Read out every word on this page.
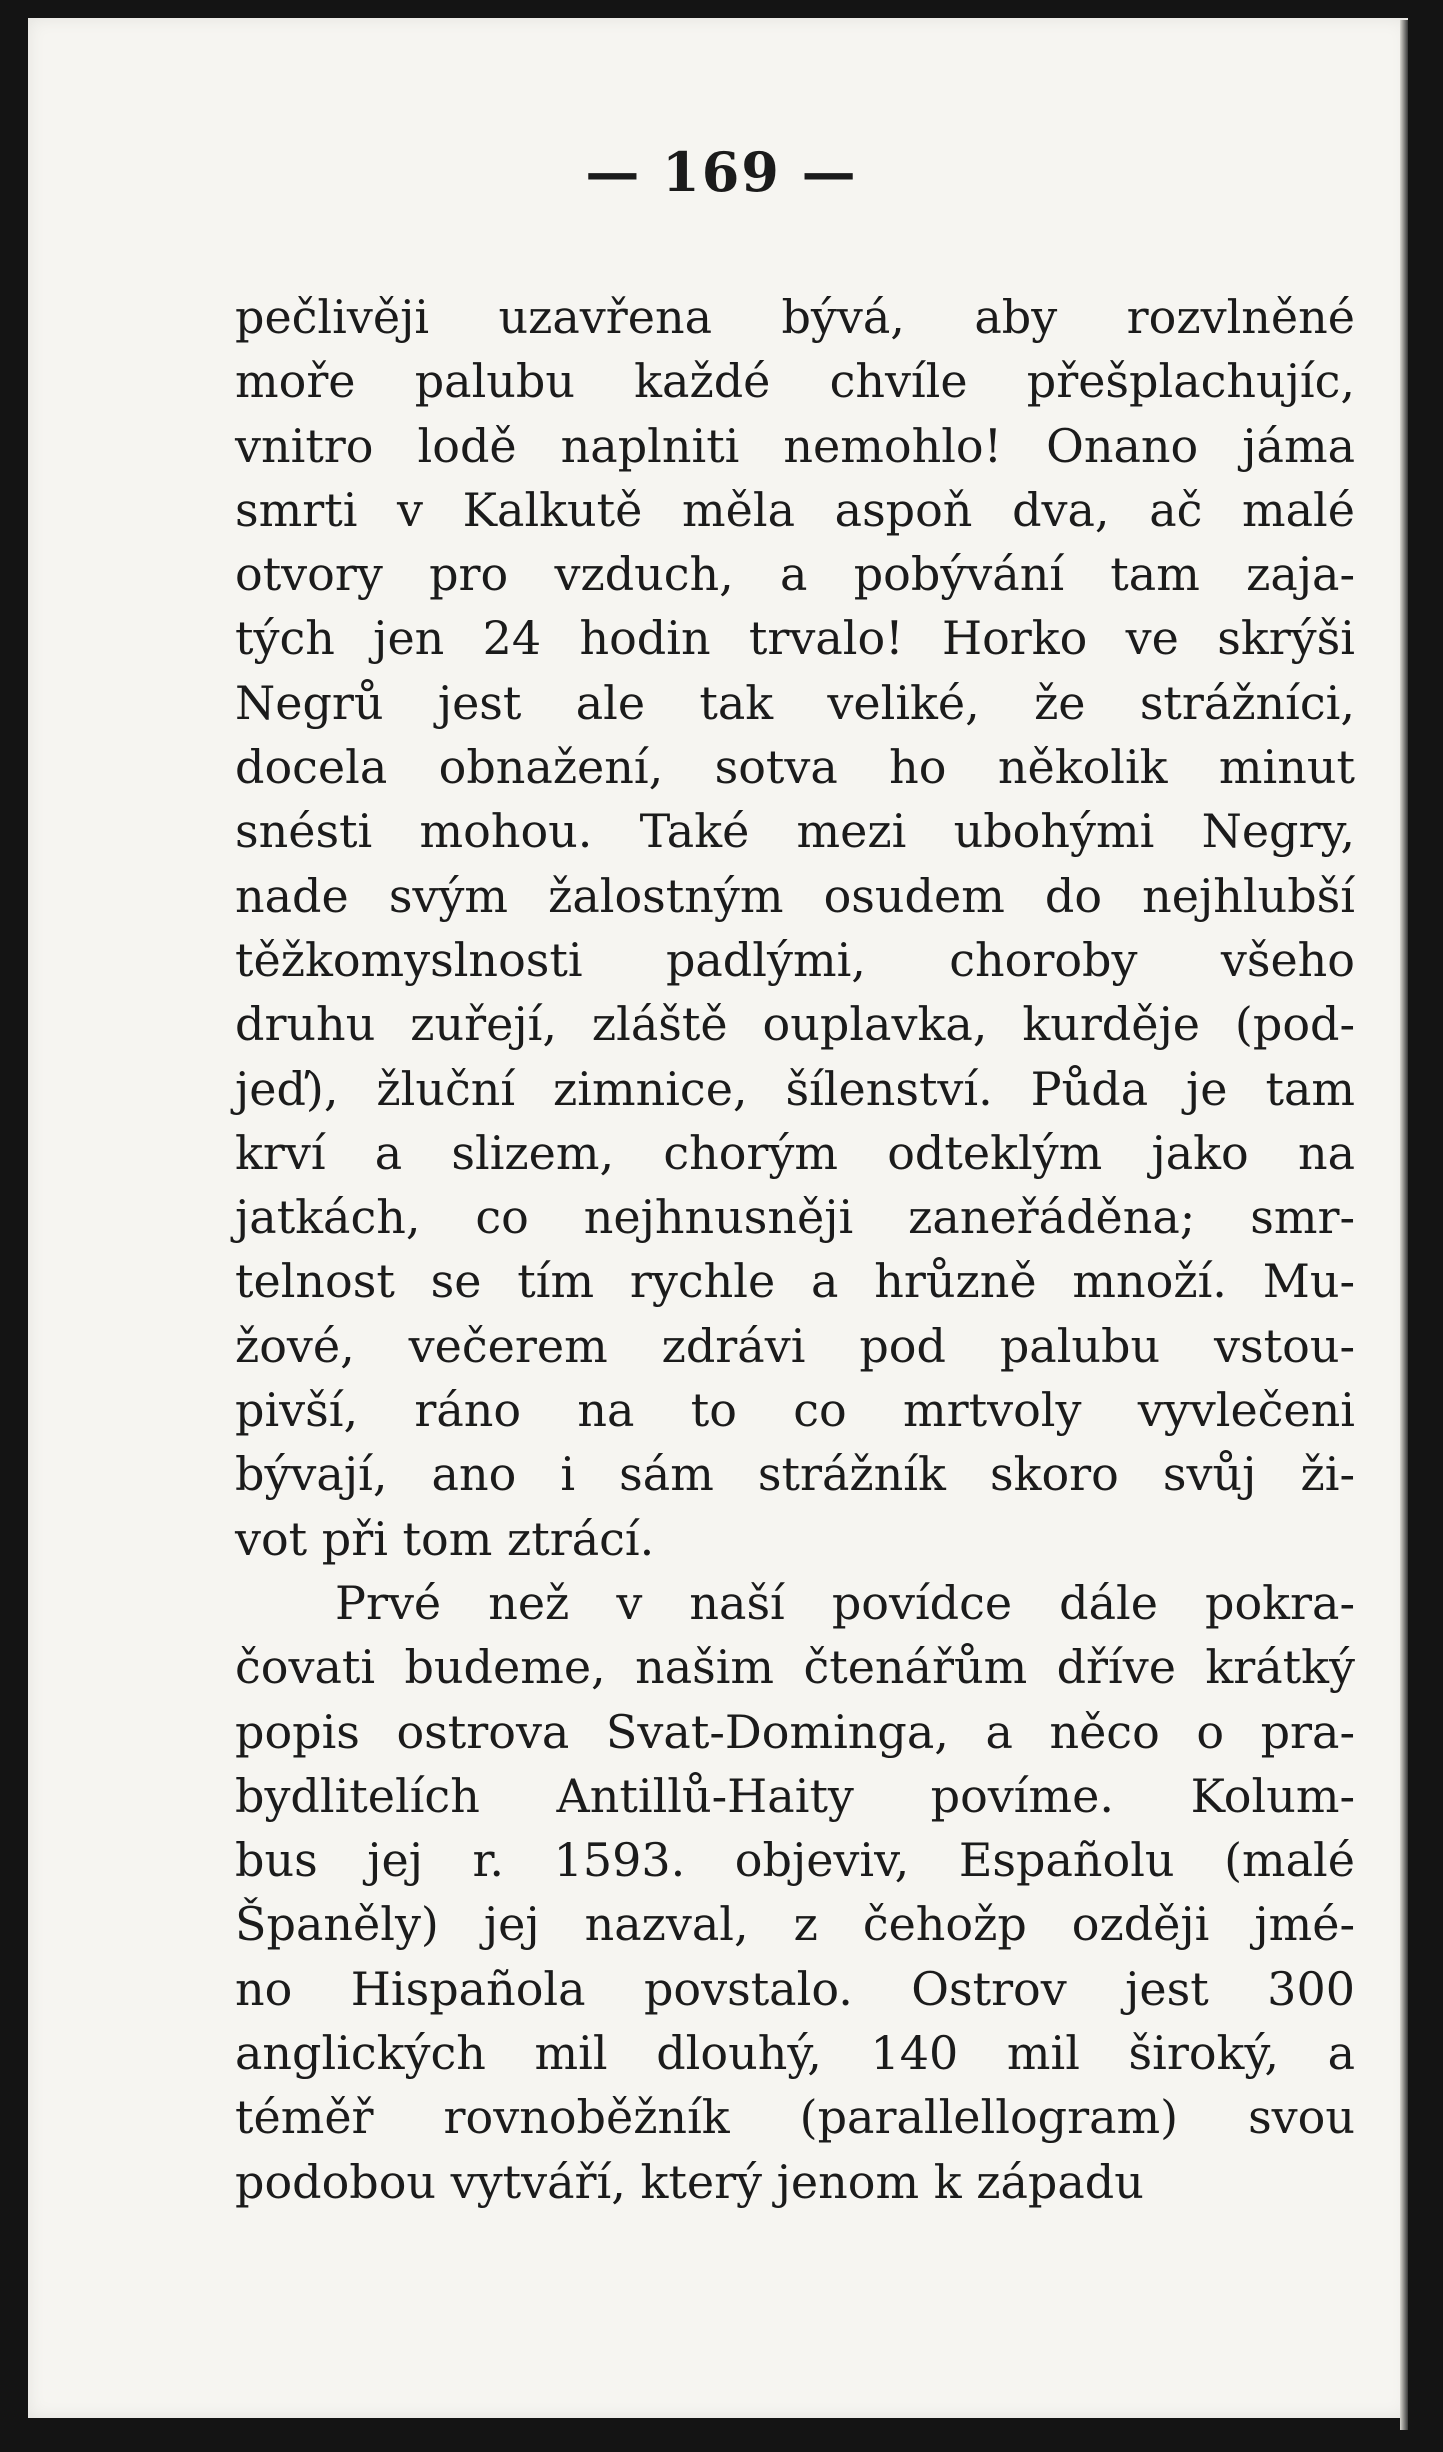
— 169 —
pečlivěji uzavřena bývá, aby rozvlněné
moře palubu každé chvíle přešplachujíc,
vnitro lodě naplniti nemohlo! Onano jáma
smrti v Kalkutě měla aspoň dva, ač malé
otvory pro vzduch, a pobývání tam zaja-
tých jen 24 hodin trvalo! Horko ve skrýši
Negrů jest ale tak veliké, že strážníci,
docela obnažení, sotva ho několik minut
snésti mohou. Také mezi ubohými Negry,
nade svým žalostným osudem do nejhlubší
těžkomyslnosti padlými, choroby všeho
druhu zuřejí, zláště ouplavka, kurděje (pod-
jeď), žluční zimnice, šílenství. Půda je tam
krví a slizem, chorým odteklým jako na
jatkách, co nejhnusněji zaneřáděna; smr-
telnost se tím rychle a hrůzně množí. Mu-
žové, večerem zdrávi pod palubu vstou-
pivší, ráno na to co mrtvoly vyvlečeni
bývají, ano i sám strážník skoro svůj ži-
vot při tom ztrácí.
Prvé než v naší povídce dále pokra-
čovati budeme, našim čtenářům dříve krátký
popis ostrova Svat-Dominga, a něco o pra-
bydlitelích Antillů-Haity povíme. Kolum-
bus jej r. 1593. objeviv, Españolu (malé
Španěly) jej nazval, z čehožp ozději jmé-
no Hispañola povstalo. Ostrov jest 300
anglických mil dlouhý, 140 mil široký, a
téměř rovnoběžník (parallellogram) svou
podobou vytváří, který jenom k západu
